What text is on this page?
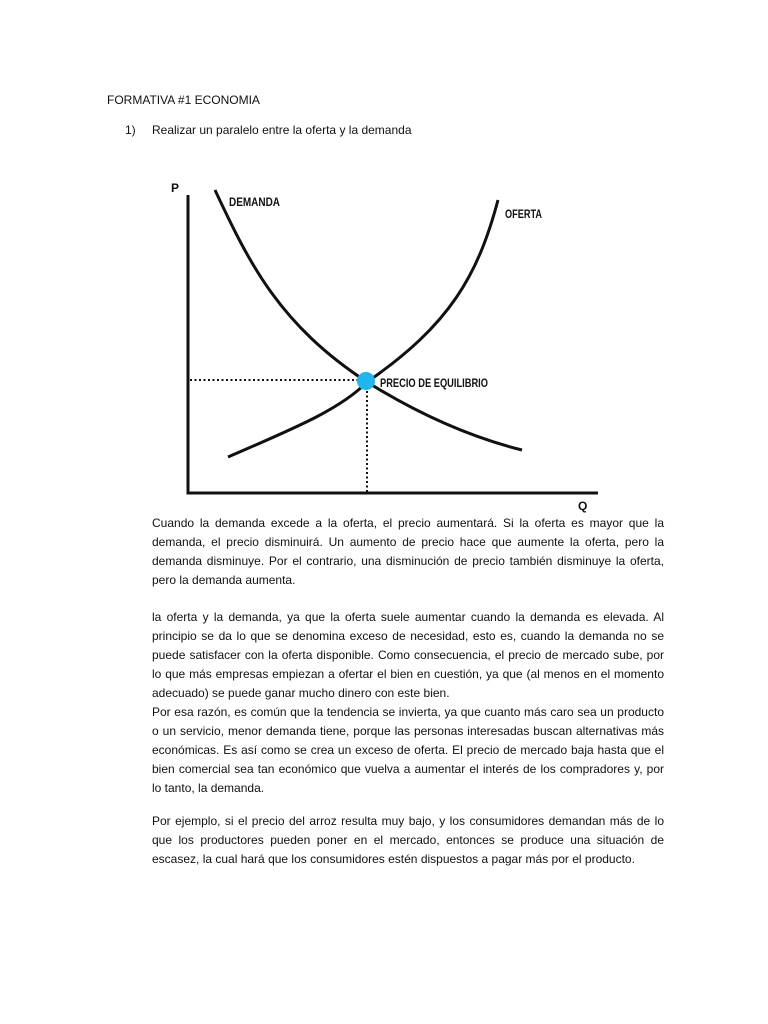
FORMATIVA #1 ECONOMIA
1) Realizar un paralelo entre la oferta y la demanda
P
Q
DEMANDA
OFERTA
PRECIO DE EQUILIBRIO

Cuando la demanda excede a la oferta, el precio aumentará. Si la oferta es mayor que la demanda, el precio disminuirá. Un aumento de precio hace que aumente la oferta, pero la demanda disminuye. Por el contrario, una disminución de precio también disminuye la oferta, pero la demanda aumenta.

la oferta y la demanda, ya que la oferta suele aumentar cuando la demanda es elevada. Al principio se da lo que se denomina exceso de necesidad, esto es, cuando la demanda no se puede satisfacer con la oferta disponible. Como consecuencia, el precio de mercado sube, por lo que más empresas empiezan a ofertar el bien en cuestión, ya que (al menos en el momento adecuado) se puede ganar mucho dinero con este bien.

Por esa razón, es común que la tendencia se invierta, ya que cuanto más caro sea un producto o un servicio, menor demanda tiene, porque las personas interesadas buscan alternativas más económicas. Es así como se crea un exceso de oferta. El precio de mercado baja hasta que el bien comercial sea tan económico que vuelva a aumentar el interés de los compradores y, por lo tanto, la demanda.

Por ejemplo, si el precio del arroz resulta muy bajo, y los consumidores demandan más de lo que los productores pueden poner en el mercado, entonces se produce una situación de escasez, la cual hará que los consumidores estén dispuestos a pagar más por el producto.
